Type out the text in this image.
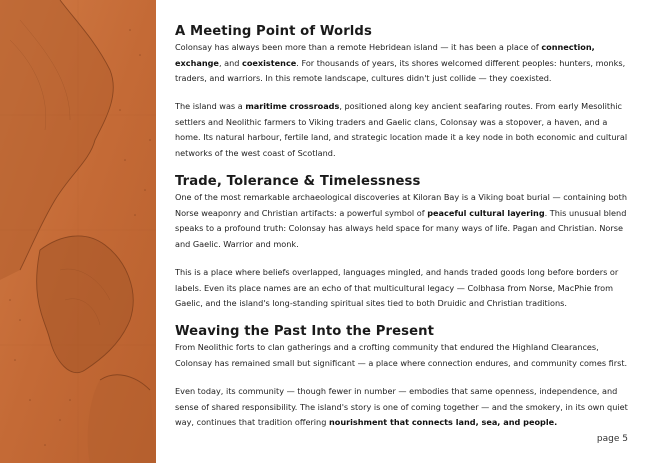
A Meeting Point of Worlds

Colonsay has always been more than a remote Hebridean island — it has been a place of connection, exchange, and coexistence. For thousands of years, its shores welcomed different peoples: hunters, monks, traders, and warriors. In this remote landscape, cultures didn't just collide — they coexisted.

The island was a maritime crossroads, positioned along key ancient seafaring routes. From early Mesolithic settlers and Neolithic farmers to Viking traders and Gaelic clans, Colonsay was a stopover, a haven, and a home. Its natural harbour, fertile land, and strategic location made it a key node in both economic and cultural networks of the west coast of Scotland.

Trade, Tolerance & Timelessness

One of the most remarkable archaeological discoveries at Kiloran Bay is a Viking boat burial — containing both Norse weaponry and Christian artifacts: a powerful symbol of peaceful cultural layering. This unusual blend speaks to a profound truth: Colonsay has always held space for many ways of life. Pagan and Christian. Norse and Gaelic. Warrior and monk.

This is a place where beliefs overlapped, languages mingled, and hands traded goods long before borders or labels. Even its place names are an echo of that multicultural legacy — Colbhasa from Norse, MacPhie from Gaelic, and the island's long-standing spiritual sites tied to both Druidic and Christian traditions.

Weaving the Past Into the Present

From Neolithic forts to clan gatherings and a crofting community that endured the Highland Clearances, Colonsay has remained small but significant — a place where connection endures, and community comes first.

Even today, its community — though fewer in number — embodies that same openness, independence, and sense of shared responsibility. The island's story is one of coming together — and the smokery, in its own quiet way, continues that tradition offering nourishment that connects land, sea, and people.

page 5
